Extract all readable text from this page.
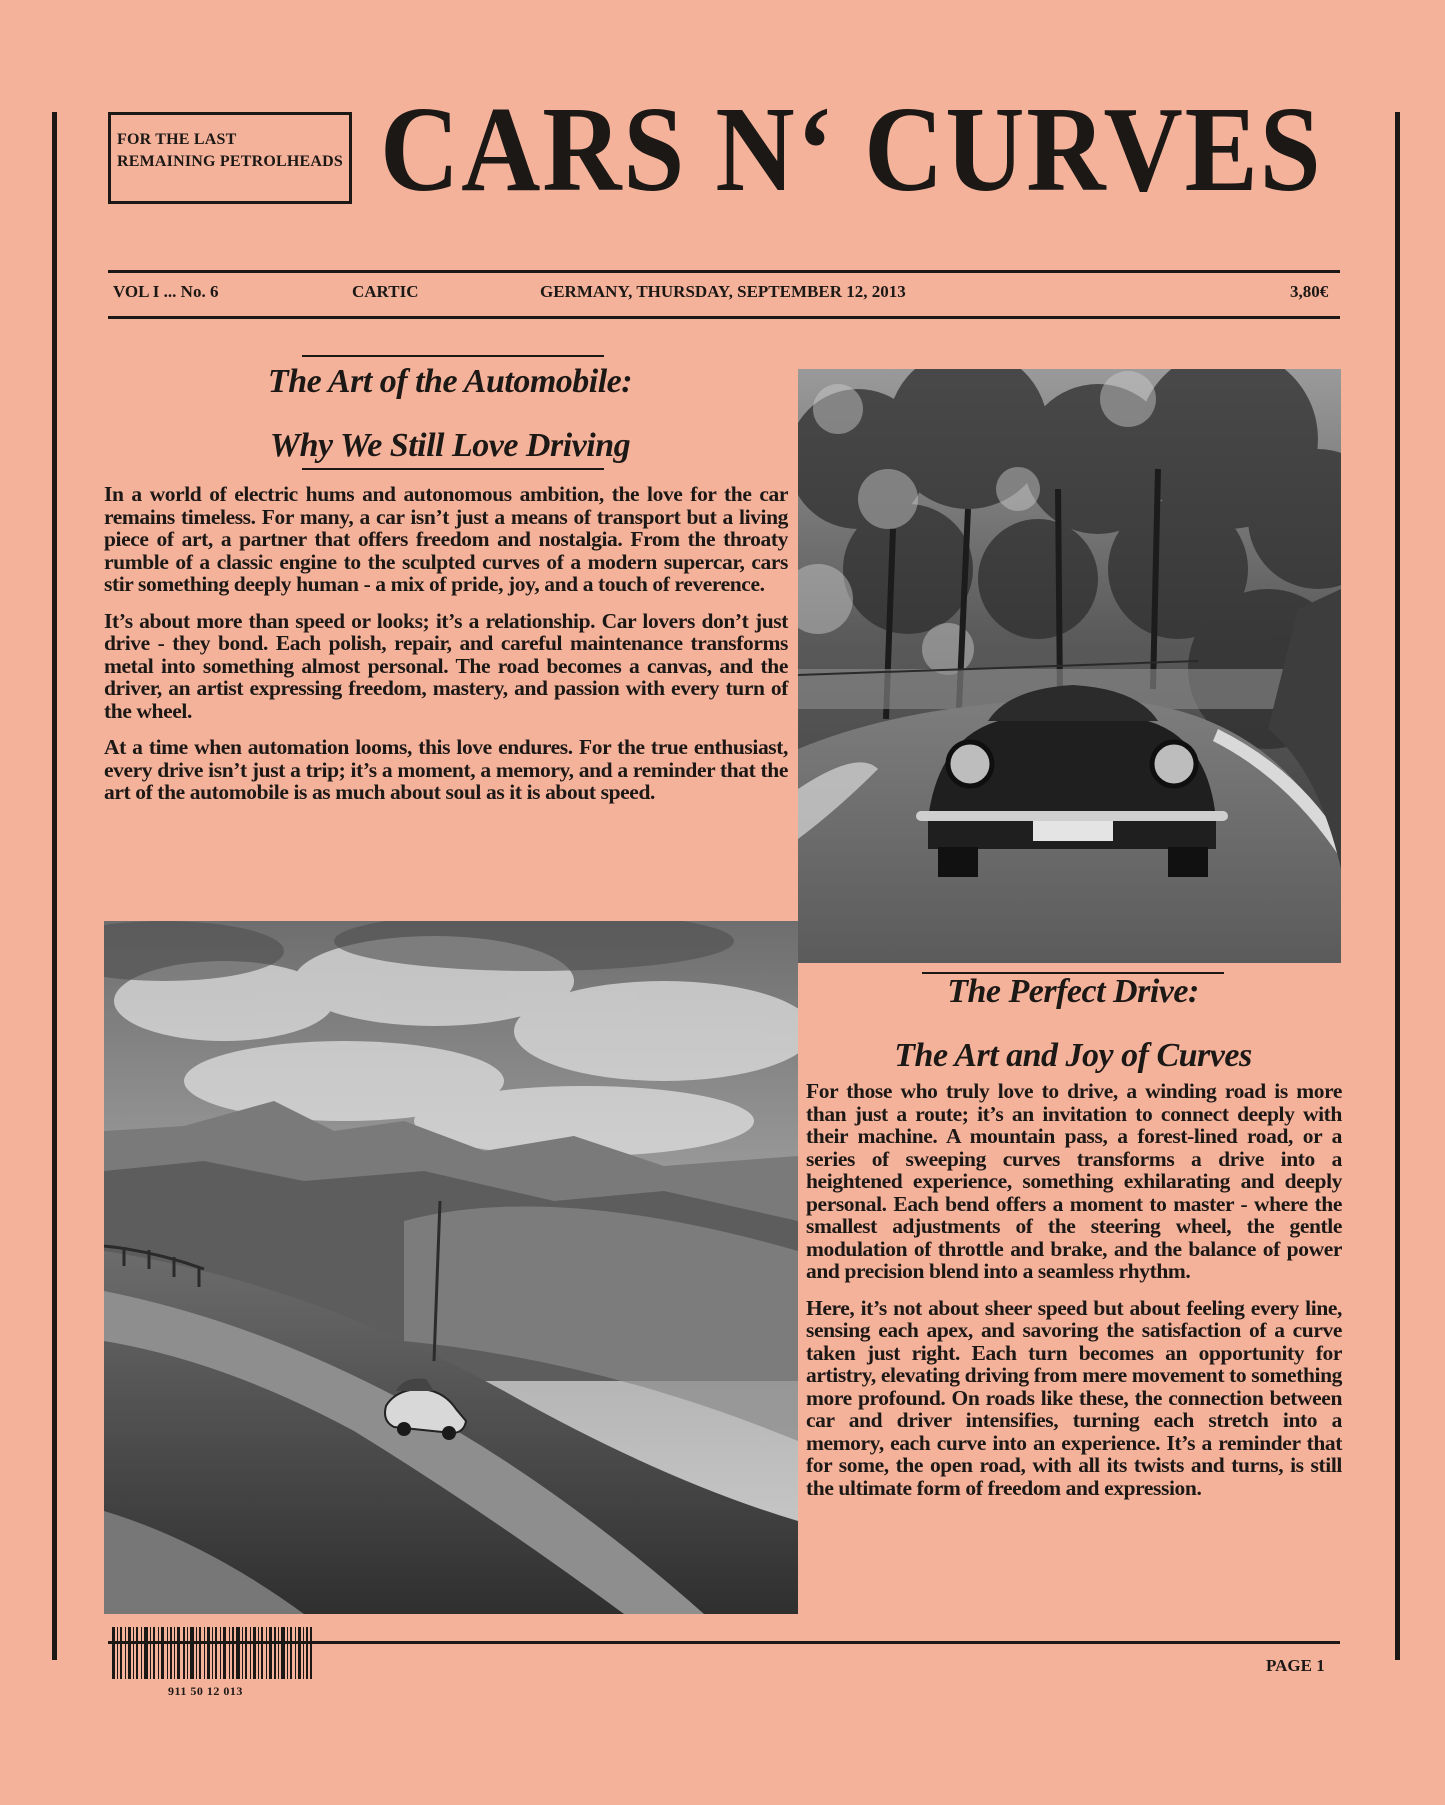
FOR THE LAST
REMAINING PETROLHEADS CARS N‘ CURVES
VOL I ... No. 6	CARTIC	GERMANY, THURSDAY, SEPTEMBER 12, 2013	3,80€
The Art of the Automobile:
Why We Still Love Driving

In a world of electric hums and autonomous ambition, the love for the car remains timeless. For many, a car isn’t just a means of transport but a living piece of art, a partner that offers freedom and nostalgia. From the throaty rumble of a classic engine to the sculpted curves of a modern supercar, cars stir something deeply human - a mix of pride, joy, and a touch of reverence.

It’s about more than speed or looks; it’s a relationship. Car lovers don’t just drive - they bond. Each polish, repair, and careful maintenance transforms metal into something almost personal. The road becomes a canvas, and the driver, an artist expressing freedom, mastery, and passion with every turn of the wheel.

At a time when automation looms, this love endures. For the true enthusiast, every drive isn’t just a trip; it’s a moment, a memory, and a reminder that the art of the automobile is as much about soul as it is about speed.

The Perfect Drive:
The Art and Joy of Curves

For those who truly love to drive, a winding road is more than just a route; it’s an invitation to connect deeply with their machine. A mountain pass, a forest-lined road, or a series of sweeping curves transforms a drive into a heightened experience, something exhilarating and deeply personal. Each bend offers a moment to master - where the smallest adjustments of the steering wheel, the gentle modulation of throttle and brake, and the balance of power and precision blend into a seamless rhythm.

Here, it’s not about sheer speed but about feeling every line, sensing each apex, and savoring the satisfaction of a curve taken just right. Each turn becomes an opportunity for artistry, elevating driving from mere movement to something more profound. On roads like these, the connection between car and driver intensifies, turning each stretch into a memory, each curve into an experience. It’s a reminder that for some, the open road, with all its twists and turns, is still the ultimate form of freedom and expression.

911 50 12 013
PAGE 1
